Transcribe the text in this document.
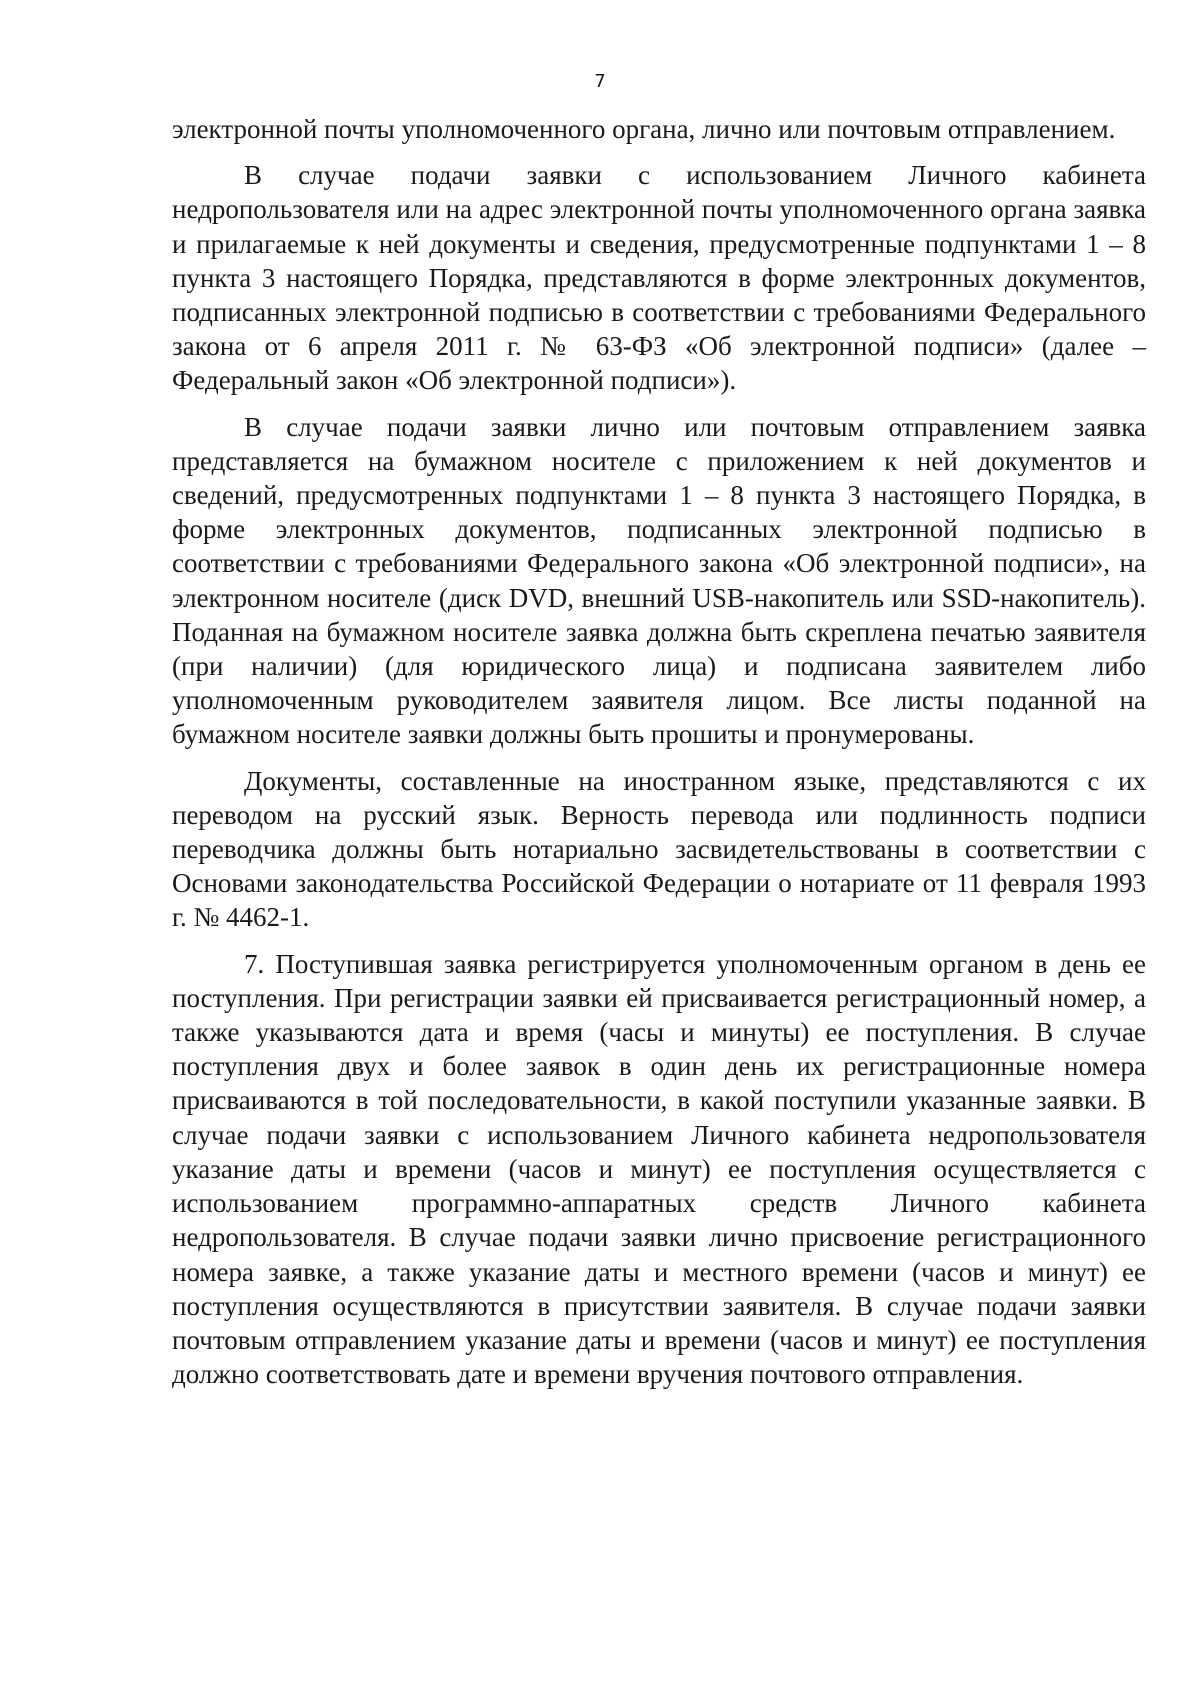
7

электронной почты уполномоченного органа, лично или почтовым отправлением.

В случае подачи заявки с использованием Личного кабинета недропользователя или на адрес электронной почты уполномоченного органа заявка и прилагаемые к ней документы и сведения, предусмотренные подпунктами 1 – 8 пункта 3 настоящего Порядка, представляются в форме электронных документов, подписанных электронной подписью в соответствии с требованиями Федерального закона от 6 апреля 2011 г. № 63-ФЗ «Об электронной подписи» (далее – Федеральный закон «Об электронной подписи»).

В случае подачи заявки лично или почтовым отправлением заявка представляется на бумажном носителе с приложением к ней документов и сведений, предусмотренных подпунктами 1 – 8 пункта 3 настоящего Порядка, в форме электронных документов, подписанных электронной подписью в соответствии с требованиями Федерального закона «Об электронной подписи», на электронном носителе (диск DVD, внешний USB-накопитель или SSD-накопитель). Поданная на бумажном носителе заявка должна быть скреплена печатью заявителя (при наличии) (для юридического лица) и подписана заявителем либо уполномоченным руководителем заявителя лицом. Все листы поданной на бумажном носителе заявки должны быть прошиты и пронумерованы.

Документы, составленные на иностранном языке, представляются с их переводом на русский язык. Верность перевода или подлинность подписи переводчика должны быть нотариально засвидетельствованы в соответствии с Основами законодательства Российской Федерации о нотариате от 11 февраля 1993 г. № 4462-1.

7. Поступившая заявка регистрируется уполномоченным органом в день ее поступления. При регистрации заявки ей присваивается регистрационный номер, а также указываются дата и время (часы и минуты) ее поступления. В случае поступления двух и более заявок в один день их регистрационные номера присваиваются в той последовательности, в какой поступили указанные заявки. В случае подачи заявки с использованием Личного кабинета недропользователя указание даты и времени (часов и минут) ее поступления осуществляется с использованием программно-аппаратных средств Личного кабинета недропользователя. В случае подачи заявки лично присвоение регистрационного номера заявке, а также указание даты и местного времени (часов и минут) ее поступления осуществляются в присутствии заявителя. В случае подачи заявки почтовым отправлением указание даты и времени (часов и минут) ее поступления должно соответствовать дате и времени вручения почтового отправления.
